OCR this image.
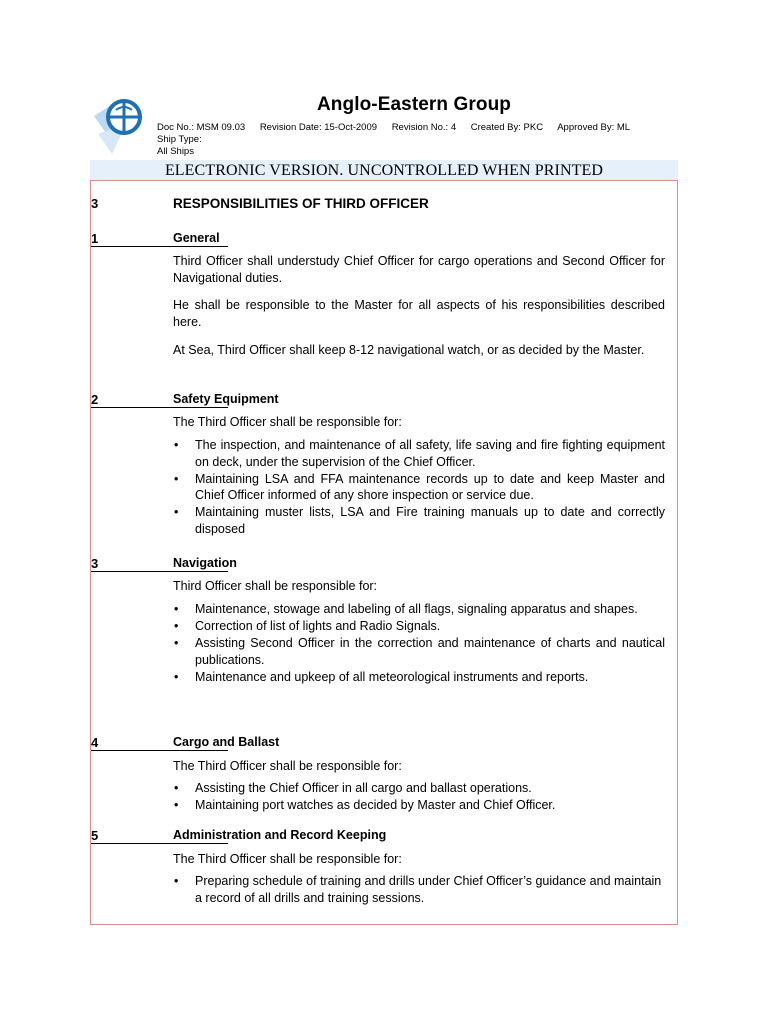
Anglo-Eastern Group
Doc No.: MSM 09.03 Revision Date: 15-Oct-2009 Revision No.: 4 Created By: PKC Approved By: ML
Ship Type:
All Ships
ELECTRONIC VERSION. UNCONTROLLED WHEN PRINTED
3	RESPONSIBILITIES OF THIRD OFFICER
1	General
Third Officer shall understudy Chief Officer for cargo operations and Second Officer for Navigational duties.
He shall be responsible to the Master for all aspects of his responsibilities described here.
At Sea, Third Officer shall keep 8-12 navigational watch, or as decided by the Master.
2	Safety Equipment
The Third Officer shall be responsible for:
• The inspection, and maintenance of all safety, life saving and fire fighting equipment on deck, under the supervision of the Chief Officer.
• Maintaining LSA and FFA maintenance records up to date and keep Master and Chief Officer informed of any shore inspection or service due.
• Maintaining muster lists, LSA and Fire training manuals up to date and correctly disposed
3	Navigation
Third Officer shall be responsible for:
• Maintenance, stowage and labeling of all flags, signaling apparatus and shapes.
• Correction of list of lights and Radio Signals.
• Assisting Second Officer in the correction and maintenance of charts and nautical publications.
• Maintenance and upkeep of all meteorological instruments and reports.
4	Cargo and Ballast
The Third Officer shall be responsible for:
• Assisting the Chief Officer in all cargo and ballast operations.
• Maintaining port watches as decided by Master and Chief Officer.
5	Administration and Record Keeping
The Third Officer shall be responsible for:
• Preparing schedule of training and drills under Chief Officer’s guidance and maintain
a record of all drills and training sessions.
